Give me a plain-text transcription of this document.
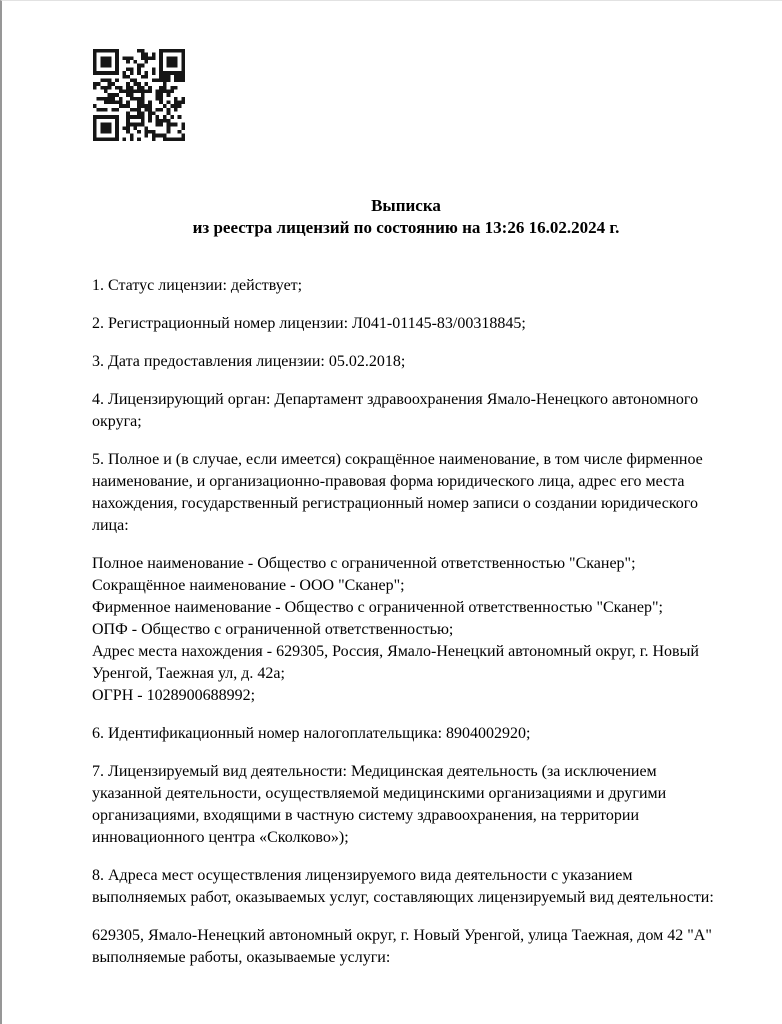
Выписка
из реестра лицензий по состоянию на 13:26 16.02.2024 г.
1. Статус лицензии: действует;
2. Регистрационный номер лицензии: Л041-01145-83/00318845;
3. Дата предоставления лицензии: 05.02.2018;
4. Лицензирующий орган: Департамент здравоохранения Ямало-Ненецкого автономного округа;
5. Полное и (в случае, если имеется) сокращённое наименование, в том числе фирменное наименование, и организационно-правовая форма юридического лица, адрес его места нахождения, государственный регистрационный номер записи о создании юридического лица:
Полное наименование - Общество с ограниченной ответственностью "Сканер";
Сокращённое наименование - ООО "Сканер";
Фирменное наименование - Общество с ограниченной ответственностью "Сканер";
ОПФ - Общество с ограниченной ответственностью;
Адрес места нахождения - 629305, Россия, Ямало-Ненецкий автономный округ, г. Новый Уренгой, Таежная ул, д. 42а;
ОГРН - 1028900688992;
6. Идентификационный номер налогоплательщика: 8904002920;
7. Лицензируемый вид деятельности: Медицинская деятельность (за исключением указанной деятельности, осуществляемой медицинскими организациями и другими организациями, входящими в частную систему здравоохранения, на территории инновационного центра «Сколково»);
8. Адреса мест осуществления лицензируемого вида деятельности с указанием выполняемых работ, оказываемых услуг, составляющих лицензируемый вид деятельности:
629305, Ямало-Ненецкий автономный округ, г. Новый Уренгой, улица Таежная, дом 42 "А"
выполняемые работы, оказываемые услуги:
